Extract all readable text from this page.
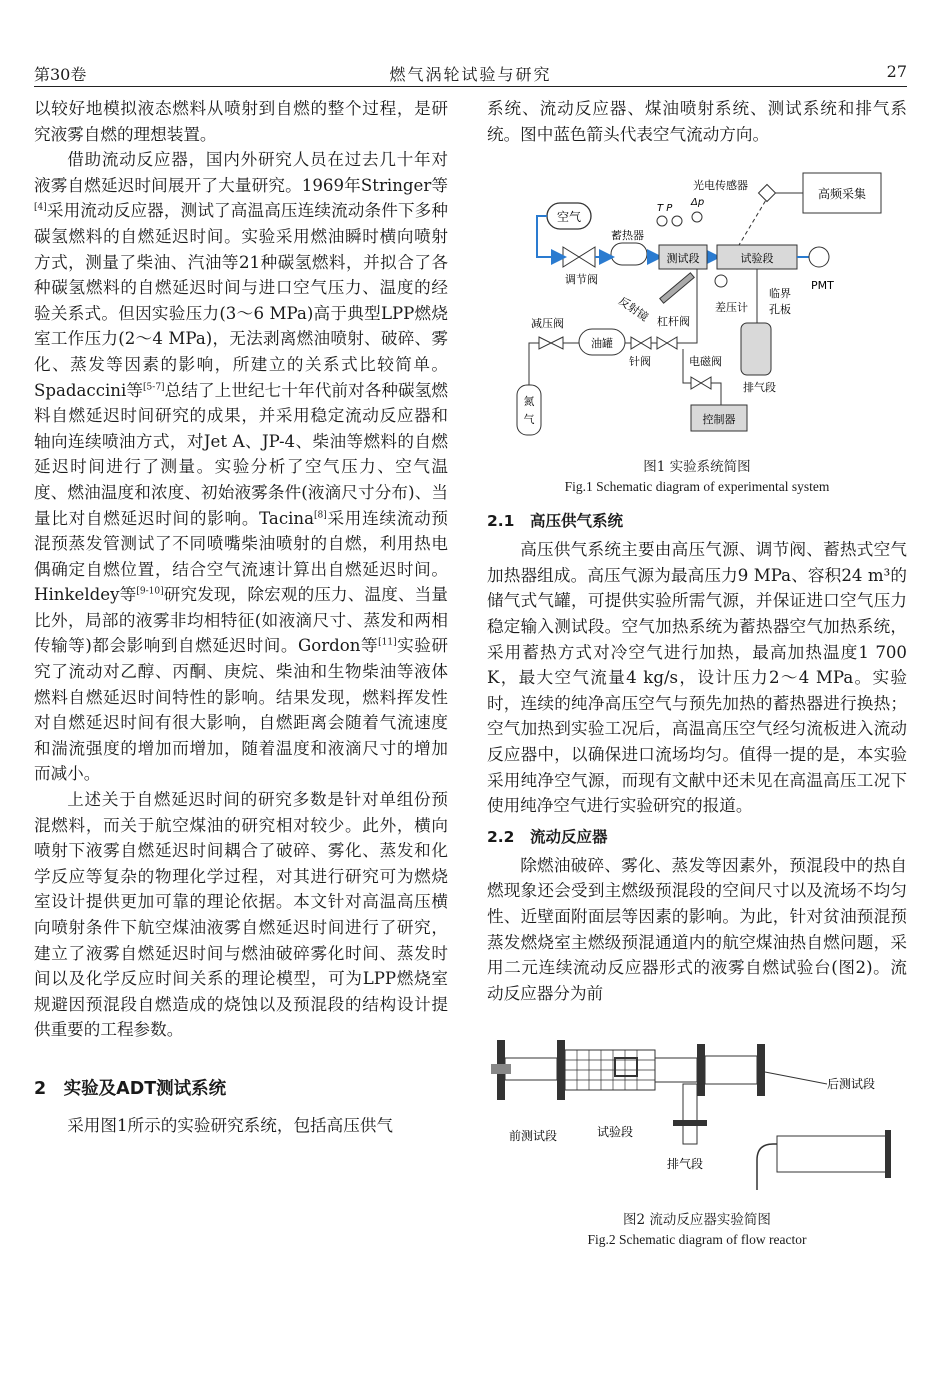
第30卷	燃气涡轮试验与研究	27

以较好地模拟液态燃料从喷射到自燃的整个过程，是研究液雾自燃的理想装置。

借助流动反应器，国内外研究人员在过去几十年对液雾自燃延迟时间展开了大量研究。1969年Stringer等[4]采用流动反应器，测试了高温高压连续流动条件下多种碳氢燃料的自燃延迟时间。实验采用燃油瞬时横向喷射方式，测量了柴油、汽油等21种碳氢燃料，并拟合了各种碳氢燃料的自燃延迟时间与进口空气压力、温度的经验关系式。但因实验压力(3～6 MPa)高于典型LPP燃烧室工作压力(2～4 MPa)，无法剥离燃油喷射、破碎、雾化、蒸发等因素的影响，所建立的关系式比较简单。Spadaccini等[5-7]总结了上世纪七十年代前对各种碳氢燃料自燃延迟时间研究的成果，并采用稳定流动反应器和轴向连续喷油方式，对Jet A、JP-4、柴油等燃料的自燃延迟时间进行了测量。实验分析了空气压力、空气温度、燃油温度和浓度、初始液雾条件(液滴尺寸分布)、当量比对自燃延迟时间的影响。Tacina[8]采用连续流动预混预蒸发管测试了不同喷嘴柴油喷射的自燃，利用热电偶确定自燃位置，结合空气流速计算出自燃延迟时间。Hinkeldey等[9-10]研究发现，除宏观的压力、温度、当量比外，局部的液雾非均相特征(如液滴尺寸、蒸发和两相传输等)都会影响到自燃延迟时间。Gordon等[11]实验研究了流动对乙醇、丙酮、庚烷、柴油和生物柴油等液体燃料自燃延迟时间特性的影响。结果发现，燃料挥发性对自燃延迟时间有很大影响，自燃距离会随着气流速度和湍流强度的增加而增加，随着温度和液滴尺寸的增加而减小。

上述关于自燃延迟时间的研究多数是针对单组份预混燃料，而关于航空煤油的研究相对较少。此外，横向喷射下液雾自燃延迟时间耦合了破碎、雾化、蒸发和化学反应等复杂的物理化学过程，对其进行研究可为燃烧室设计提供更加可靠的理论依据。本文针对高温高压横向喷射条件下航空煤油液雾自燃延迟时间进行了研究，建立了液雾自燃延迟时间与燃油破碎雾化时间、蒸发时间以及化学反应时间关系的理论模型，可为LPP燃烧室规避因预混段自燃造成的烧蚀以及预混段的结构设计提供重要的工程参数。

2　实验及ADT测试系统

采用图1所示的实验研究系统，包括高压供气

系统、流动反应器、煤油喷射系统、测试系统和排气系统。图中蓝色箭头代表空气流动方向。

空气
调节阀
蓄热器
测试段	试验段
PMT
光电传感器
高频采集
T P
Δp
反射镜
减压阀
油罐
氮
气
针阀
杠杆阀
差压计
临界
孔板
排气段
电磁阀
控制器
图1 实验系统简图
Fig.1 Schematic diagram of experimental system
2.1　高压供气系统

高压供气系统主要由高压气源、调节阀、蓄热式空气加热器组成。高压气源为最高压力9 MPa、容积24 m³的储气式气罐，可提供实验所需气源，并保证进口空气压力稳定输入测试段。空气加热系统为蓄热器空气加热系统，采用蓄热方式对冷空气进行加热，最高加热温度1 700 K，最大空气流量4 kg/s，设计压力2～4 MPa。实验时，连续的纯净高压空气与预先加热的蓄热器进行换热；空气加热到实验工况后，高温高压空气经匀流板进入流动反应器中，以确保进口流场均匀。值得一提的是，本实验采用纯净空气源，而现有文献中还未见在高温高压工况下使用纯净空气进行实验研究的报道。

2.2　流动反应器

除燃油破碎、雾化、蒸发等因素外，预混段中的热自燃现象还会受到主燃级预混段的空间尺寸以及流场不均匀性、近壁面附面层等因素的影响。为此，针对贫油预混预蒸发燃烧室主燃级预混通道内的航空煤油热自燃问题，采用二元连续流动反应器形式的液雾自燃试验台(图2)。流动反应器分为前

后测试段
前测试段	试验段
排气段
图2 流动反应器实验简图
Fig.2 Schematic diagram of flow reactor
